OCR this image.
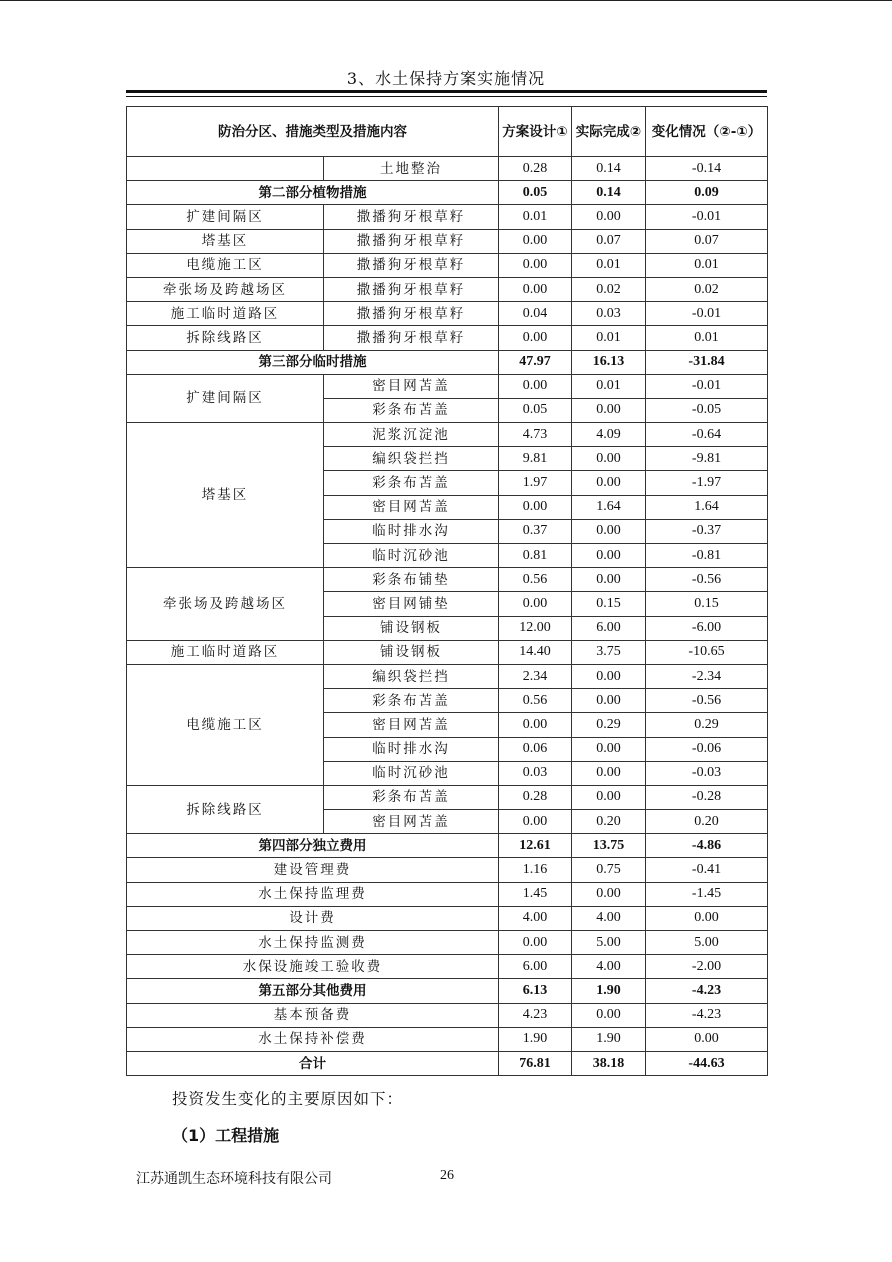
3、水土保持方案实施情况
防治分区、措施类型及措施内容		方案设计①	实际完成②	变化情况（②-①）
	土地整治	0.28	0.14	-0.14
第二部分植物措施		0.05	0.14	0.09
扩建间隔区	撒播狗牙根草籽	0.01	0.00	-0.01
塔基区	撒播狗牙根草籽	0.00	0.07	0.07
电缆施工区	撒播狗牙根草籽	0.00	0.01	0.01
牵张场及跨越场区	撒播狗牙根草籽	0.00	0.02	0.02
施工临时道路区	撒播狗牙根草籽	0.04	0.03	-0.01
拆除线路区	撒播狗牙根草籽	0.00	0.01	0.01
第三部分临时措施		47.97	16.13	-31.84
扩建间隔区	密目网苫盖	0.00	0.01	-0.01
	彩条布苫盖	0.05	0.00	-0.05
塔基区	泥浆沉淀池	4.73	4.09	-0.64
	编织袋拦挡	9.81	0.00	-9.81
	彩条布苫盖	1.97	0.00	-1.97
	密目网苫盖	0.00	1.64	1.64
	临时排水沟	0.37	0.00	-0.37
	临时沉砂池	0.81	0.00	-0.81
牵张场及跨越场区	彩条布铺垫	0.56	0.00	-0.56
	密目网铺垫	0.00	0.15	0.15
	铺设钢板	12.00	6.00	-6.00
施工临时道路区	铺设钢板	14.40	3.75	-10.65
电缆施工区	编织袋拦挡	2.34	0.00	-2.34
	彩条布苫盖	0.56	0.00	-0.56
	密目网苫盖	0.00	0.29	0.29
	临时排水沟	0.06	0.00	-0.06
	临时沉砂池	0.03	0.00	-0.03
拆除线路区	彩条布苫盖	0.28	0.00	-0.28
	密目网苫盖	0.00	0.20	0.20
第四部分独立费用		12.61	13.75	-4.86
建设管理费		1.16	0.75	-0.41
水土保持监理费		1.45	0.00	-1.45
设计费		4.00	4.00	0.00
水土保持监测费		0.00	5.00	5.00
水保设施竣工验收费		6.00	4.00	-2.00
第五部分其他费用		6.13	1.90	-4.23
基本预备费		4.23	0.00	-4.23
水土保持补偿费		1.90	1.90	0.00
合计		76.81	38.18	-44.63
投资发生变化的主要原因如下：
（1）工程措施
江苏通凯生态环境科技有限公司	26
